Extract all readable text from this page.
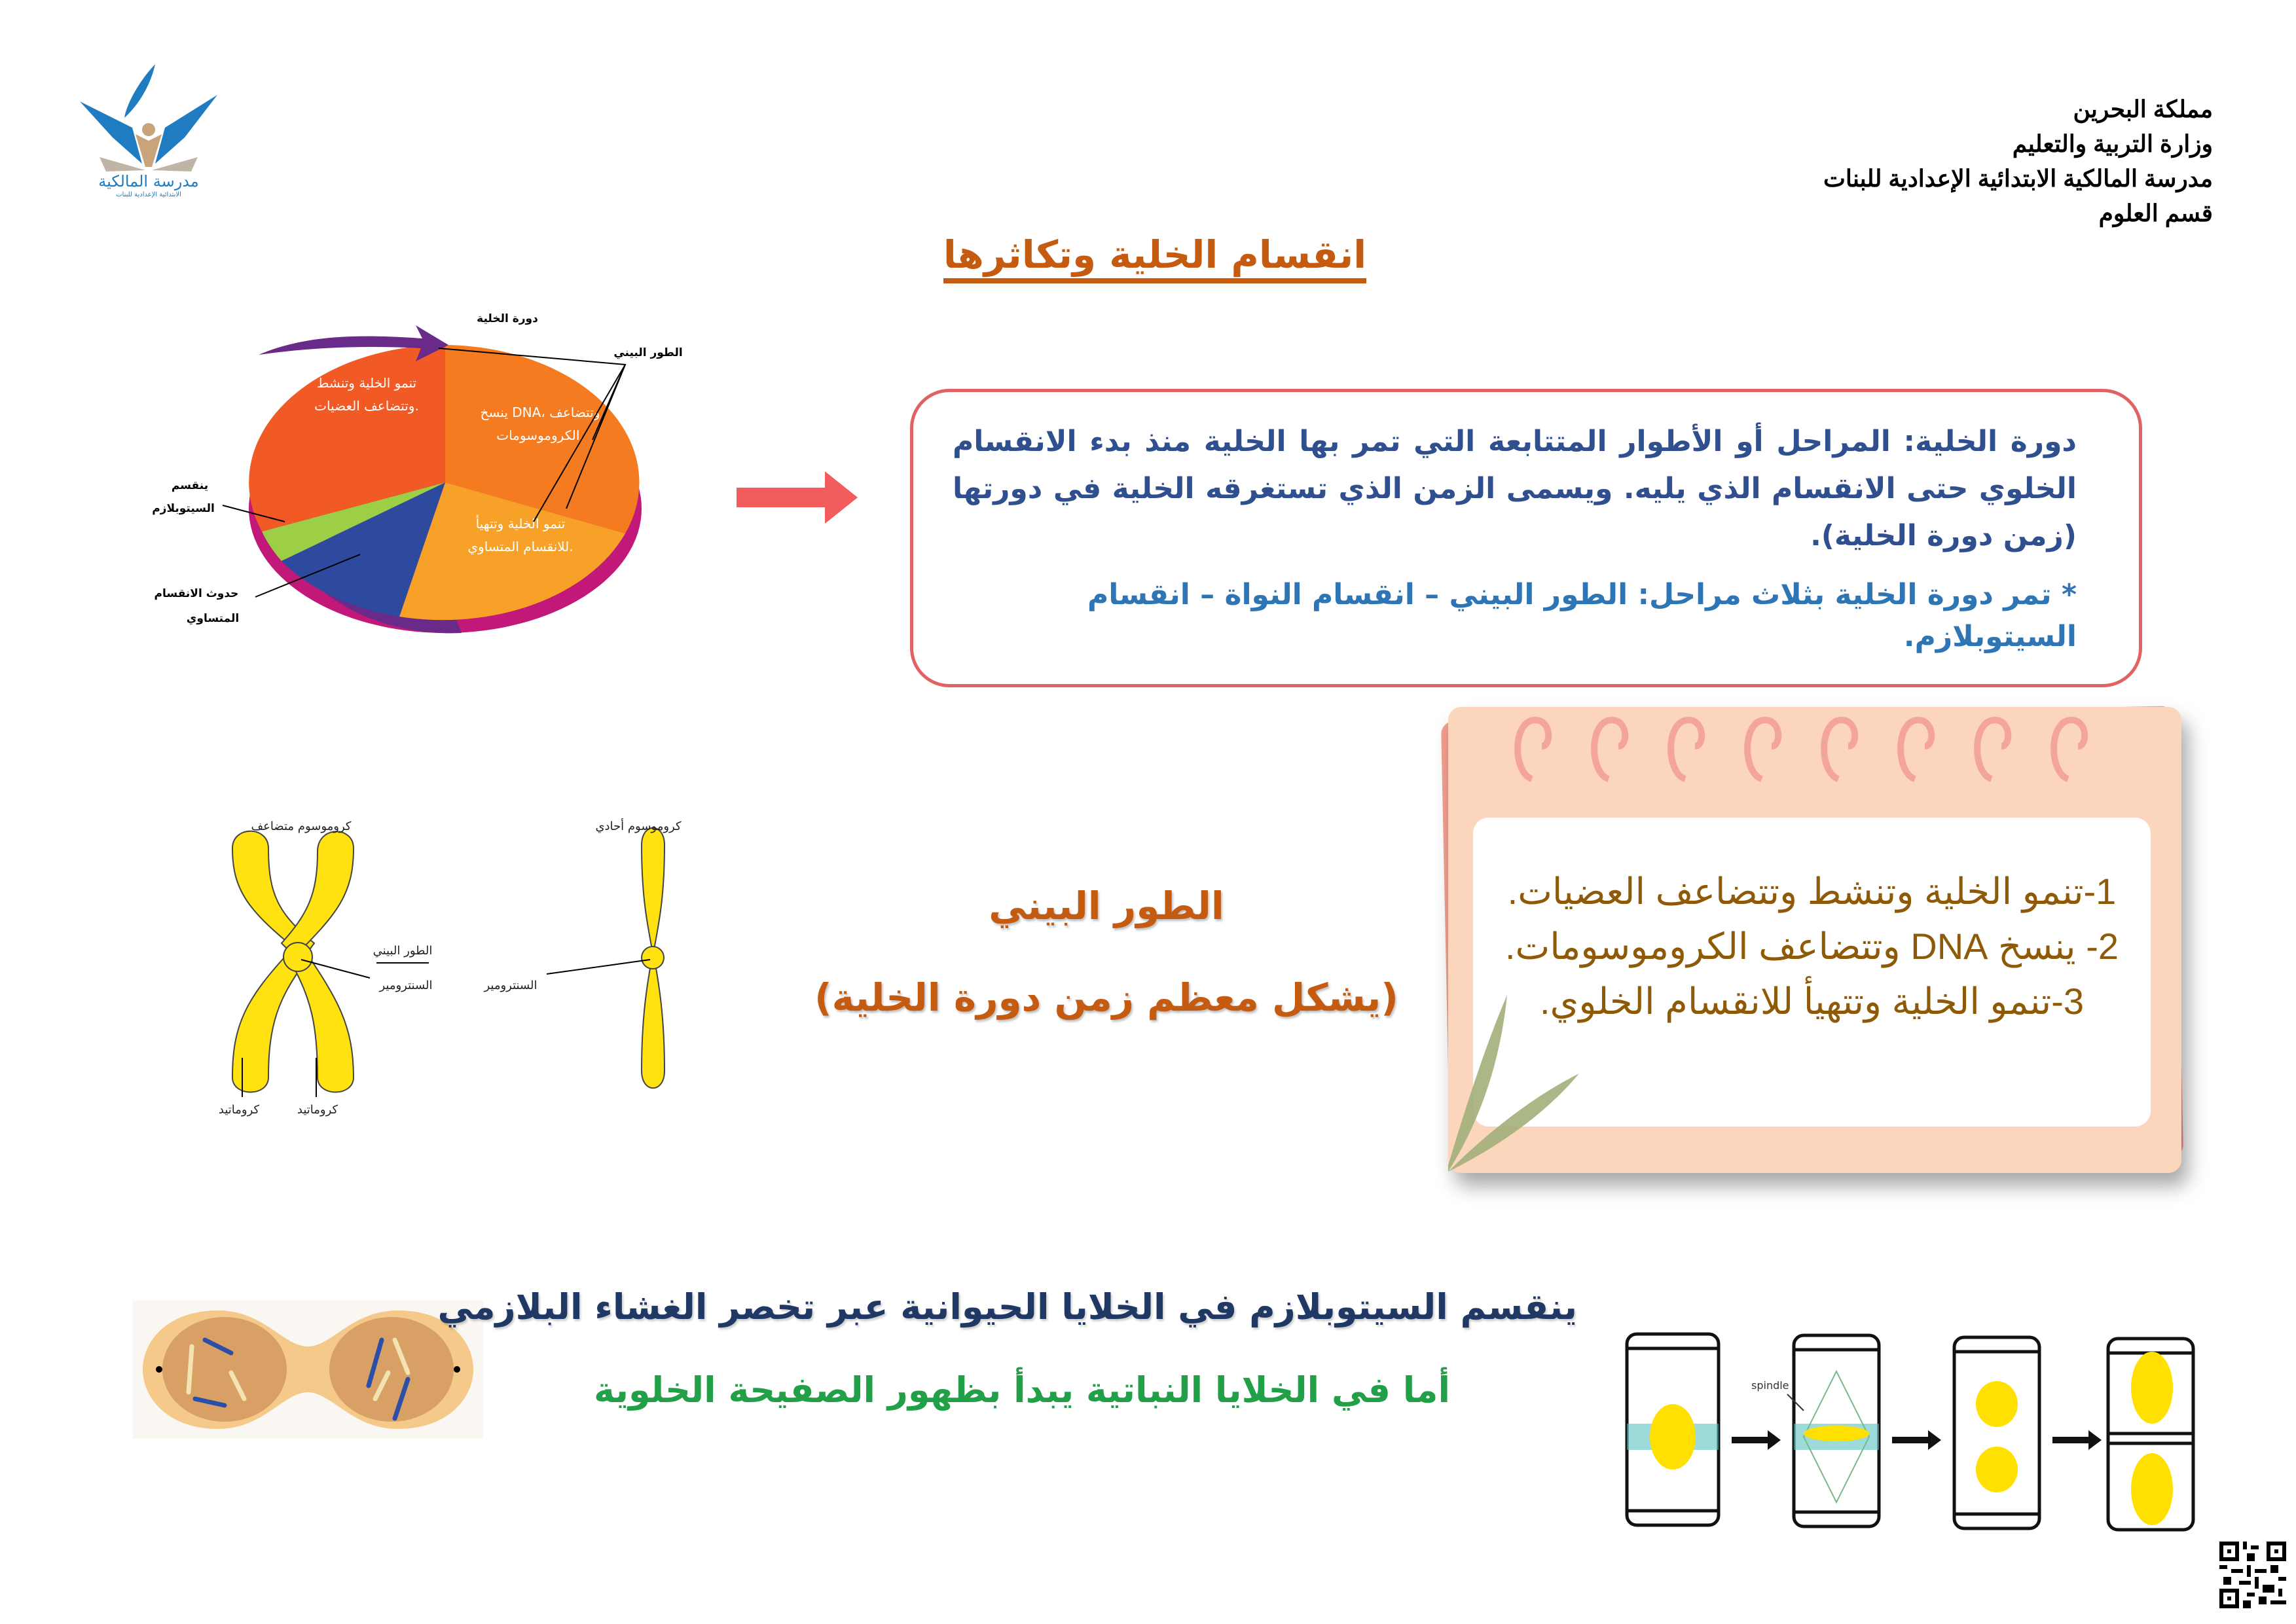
مملكة البحرين
وزارة التربية والتعليم
مدرسة المالكية الابتدائية الإعدادية للبنات
قسم العلوم
مدرسة المالكية
الابتدائية الإعدادية للبنات
انقسام الخلية وتكاثرها
تنمو الخلية وتنشط
وتتضاعف العضيات.	ينسخ DNA، وتتضاعف
الكروموسومات.
تنمو الخلية وتتهيأ
للانقسام المتساوي.
دورة الخلية
الطور البيني
ينقسم
السيتوبلازم
حدوث الانقسام
المتساوي
دورة الخلية: المراحل أو الأطوار المتتابعة التي تمر بها الخلية منذ بدء الانقسام الخلوي حتى الانقسام الذي يليه. ويسمى الزمن الذي تستغرقه الخلية في دورتها (زمن دورة الخلية).
* تمر دورة الخلية بثلاث مراحل: الطور البيني – انقسام النواة – انقسام السيتوبلازم.
كروموسوم متضاعف	كروموسوم أحادي
الطور البيني
السنترومير	السنترومير
كروماتيد	كروماتيد
الطور البيني
(يشكل معظم زمن دورة الخلية)
1-تنمو الخلية وتنشط وتتضاعف العضيات.
2- ينسخ DNA وتتضاعف الكروموسومات.
3-تنمو الخلية وتتهيأ للانقسام الخلوي.
ينقسم السيتوبلازم في الخلايا الحيوانية عبر تخصر الغشاء البلازمي
أما في الخلايا النباتية يبدأ بظهور الصفيحة الخلوية	spindle
